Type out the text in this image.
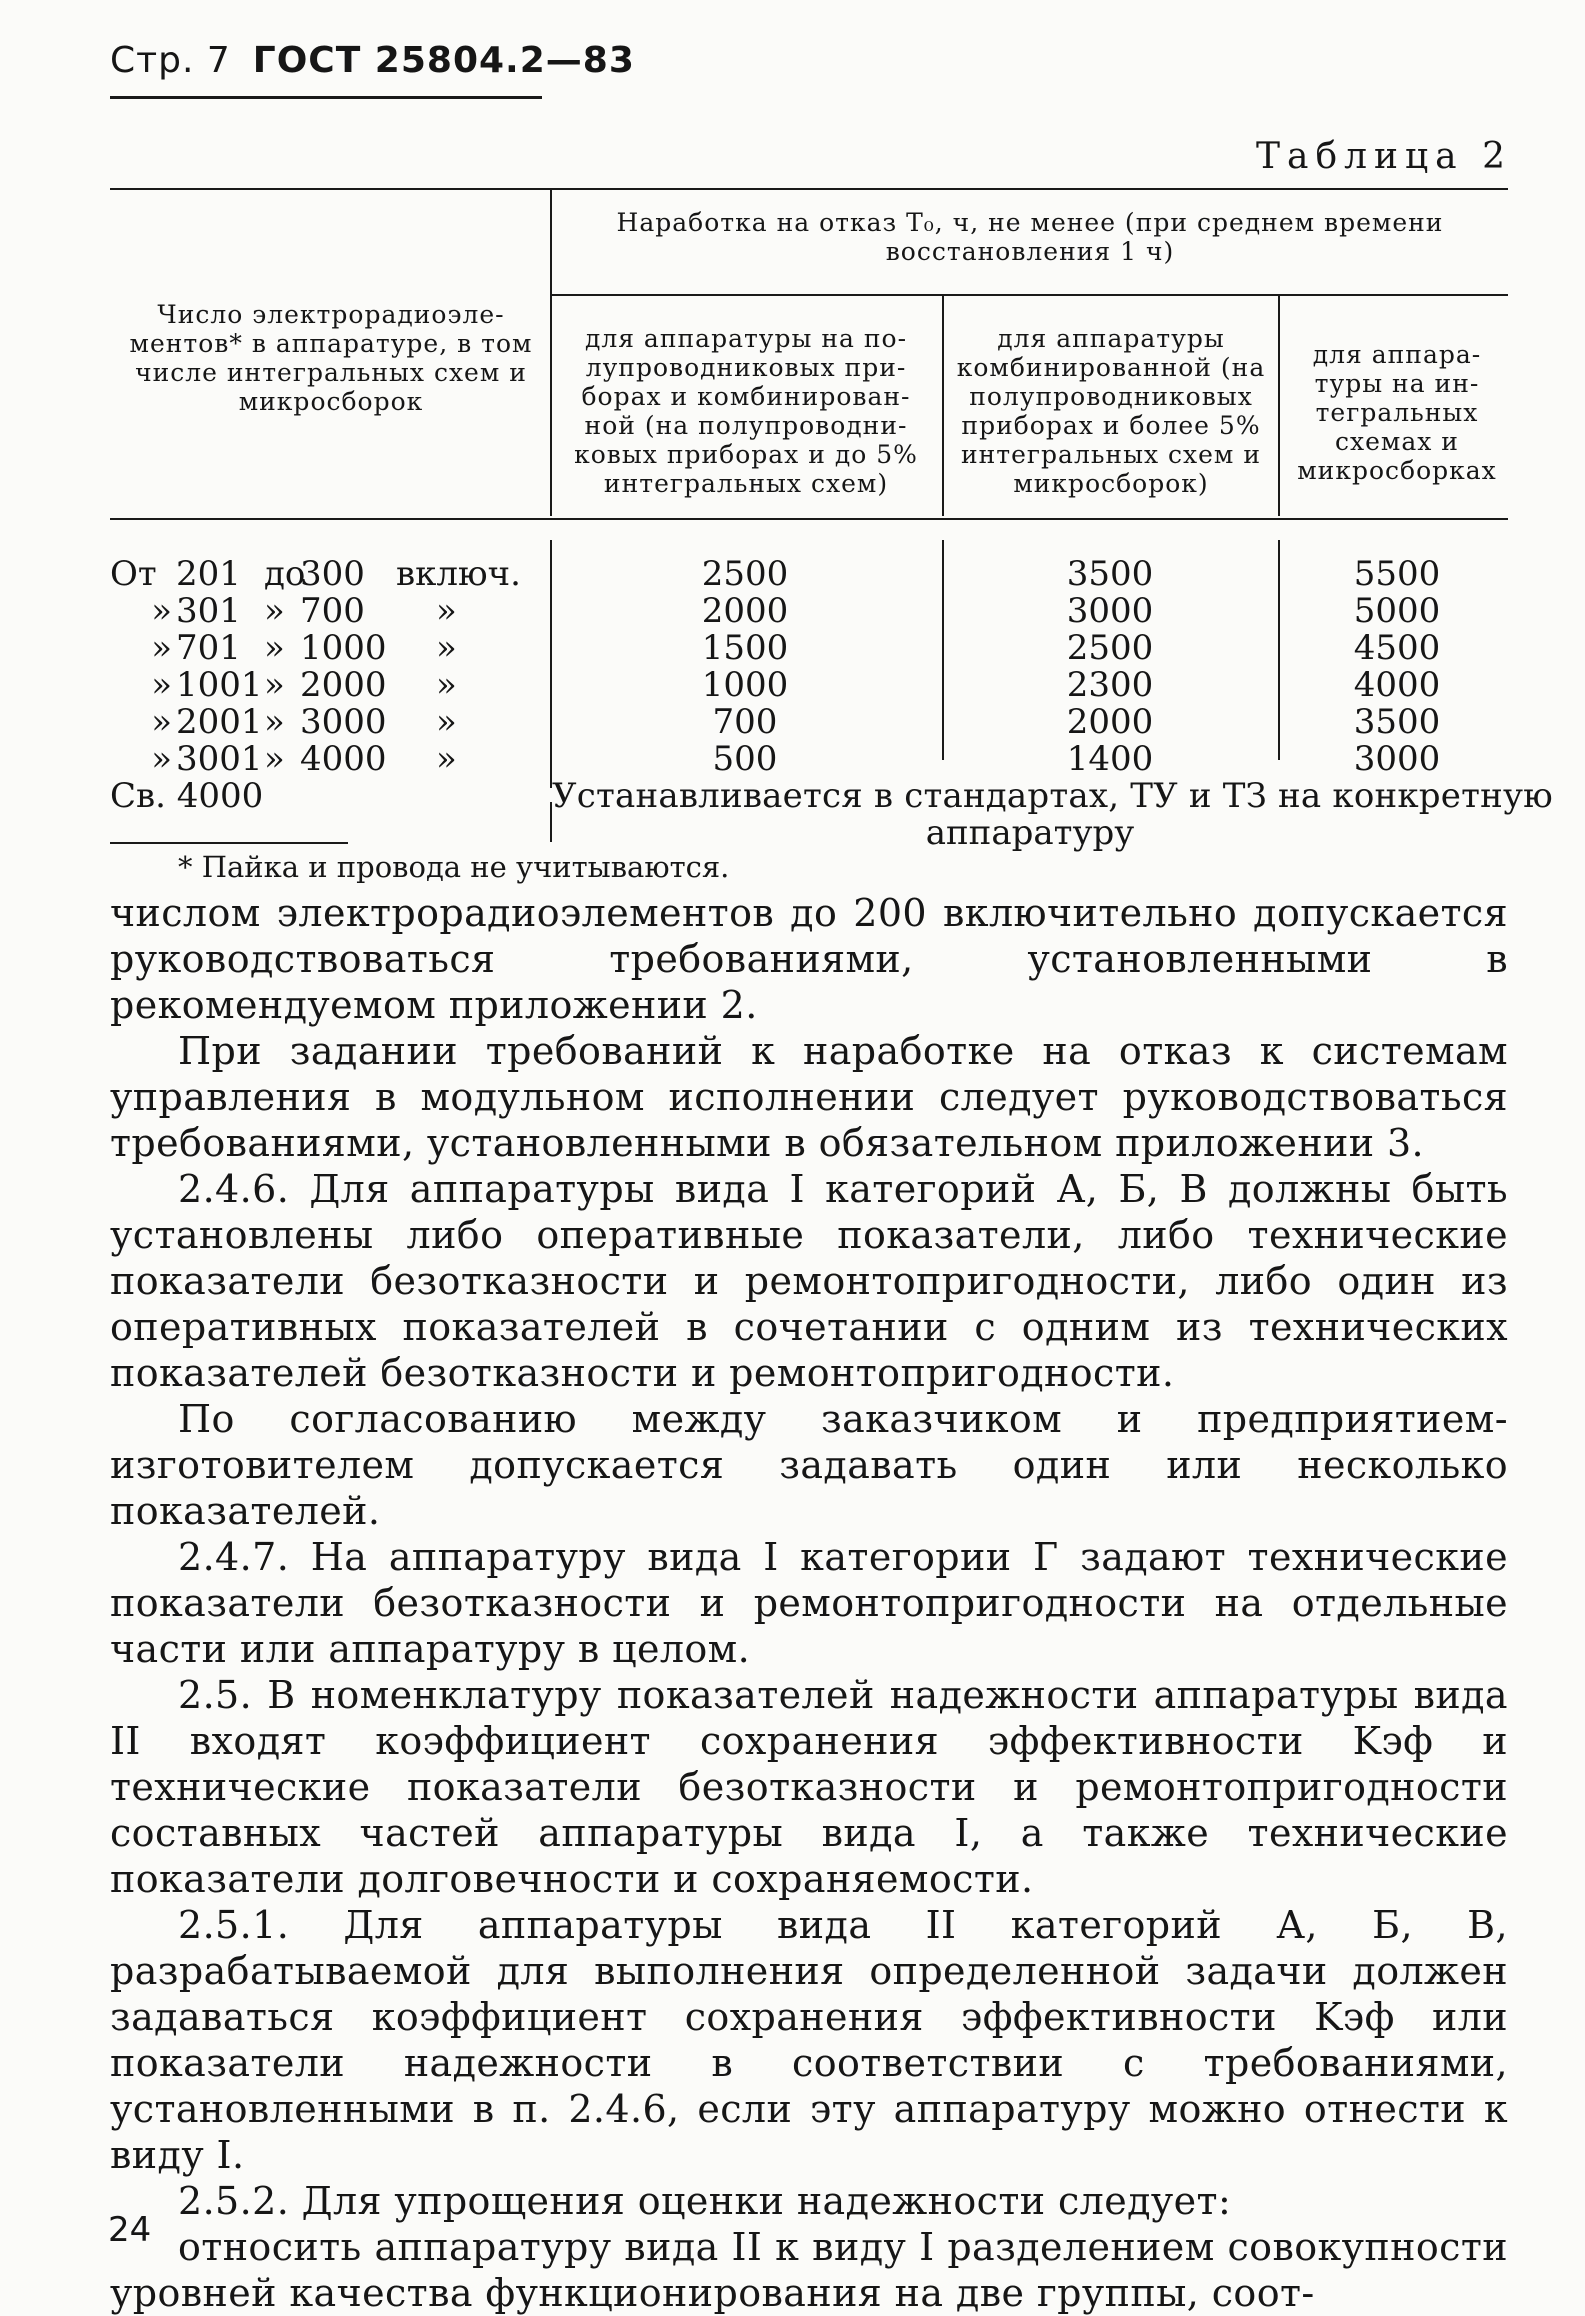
Стр. 7 ГОСТ 25804.2—83
Таблица 2
Число электрорадиоэле-ментов* в аппаратуре, в том числе интегральных схем и микросборок
Наработка на отказ Т₀, ч, не менее (при среднем времени восстановления 1 ч)
для аппаратуры на по-лупроводниковых при-борах и комбинирован-ной (на полупроводни-ковых приборах и до 5% интегральных схем)
для аппаратуры комбинированной (на полупроводниковых приборах и более 5% интегральных схем и микросборок)
для аппара-туры на ин-тегральных схемах и микросборках
От
»
»
»
»
»
201
301
701
1001
2001
3001
до
»
»
»
»
»
300
700
1000
2000
3000
4000
включ.
»
»
»
»
»
2500
2000
1500
1000
700
500
3500
3000
2500
2300
2000
1400
5500
5000
4500
4000
3500
3000
Св. 4000	Устанавливается в стандартах, ТУ и ТЗ на конкретную
аппаратуру
* Пайка и провода не учитываются.

числом электрорадиоэлементов до 200 включительно допускается руководствоваться требованиями, установленными в рекомендуемом приложении 2.

При задании требований к наработке на отказ к системам управления в модульном исполнении следует руководствоваться требованиями, установленными в обязательном приложении 3.

2.4.6. Для аппаратуры вида I категорий А, Б, В должны быть установлены либо оперативные показатели, либо технические показатели безотказности и ремонтопригодности, либо один из оперативных показателей в сочетании с одним из технических показателей безотказности и ремонтопригодности.

По согласованию между заказчиком и предприятием-изготовителем допускается задавать один или несколько показателей.

2.4.7. На аппаратуру вида I категории Г задают технические показатели безотказности и ремонтопригодности на отдельные части или аппаратуру в целом.

2.5. В номенклатуру показателей надежности аппаратуры вида II входят коэффициент сохранения эффективности Kэф и технические показатели безотказности и ремонтопригодности составных частей аппаратуры вида I, а также технические показатели долговечности и сохраняемости.

2.5.1. Для аппаратуры вида II категорий А, Б, В, разрабатываемой для выполнения определенной задачи должен задаваться коэффициент сохранения эффективности Kэф или показатели надежности в соответствии с требованиями, установленными в п. 2.4.6, если эту аппаратуру можно отнести к виду I.

2.5.2. Для упрощения оценки надежности следует:

относить аппаратуру вида II к виду I разделением совокупности уровней качества функционирования на две группы, соот-

24
